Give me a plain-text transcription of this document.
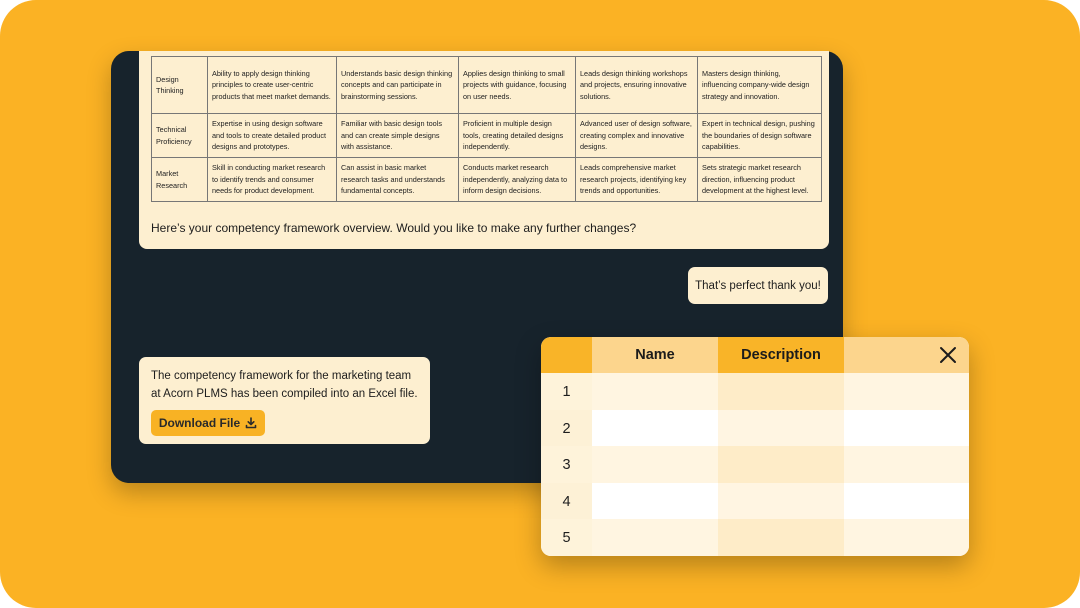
Design Thinking	Ability to apply design thinking principles to create user-centric products that meet market demands.	Understands basic design thinking concepts and can participate in brainstorming sessions.	Applies design thinking to small projects with guidance, focusing on user needs.	Leads design thinking workshops and projects, ensuring innovative solutions.	Masters design thinking, influencing company-wide design strategy and innovation.
Technical Proficiency	Expertise in using design software and tools to create detailed product designs and prototypes.	Familiar with basic design tools and can create simple designs with assistance.	Proficient in multiple design tools, creating detailed designs independently.	Advanced user of design software, creating complex and innovative designs.	Expert in technical design, pushing the boundaries of design software capabilities.
Market Research	Skill in conducting market research to identify trends and consumer needs for product development.	Can assist in basic market research tasks and understands fundamental concepts.	Conducts market research independently, analyzing data to inform design decisions.	Leads comprehensive market research projects, identifying key trends and opportunities.	Sets strategic market research direction, influencing product development at the highest level.
Here’s your competency framework overview. Would you like to make any further changes?
That’s perfect thank you!
The competency framework for the marketing team at Acorn PLMS has been compiled into an Excel file.
Download File
Name	Description
1
2
3
4
5
